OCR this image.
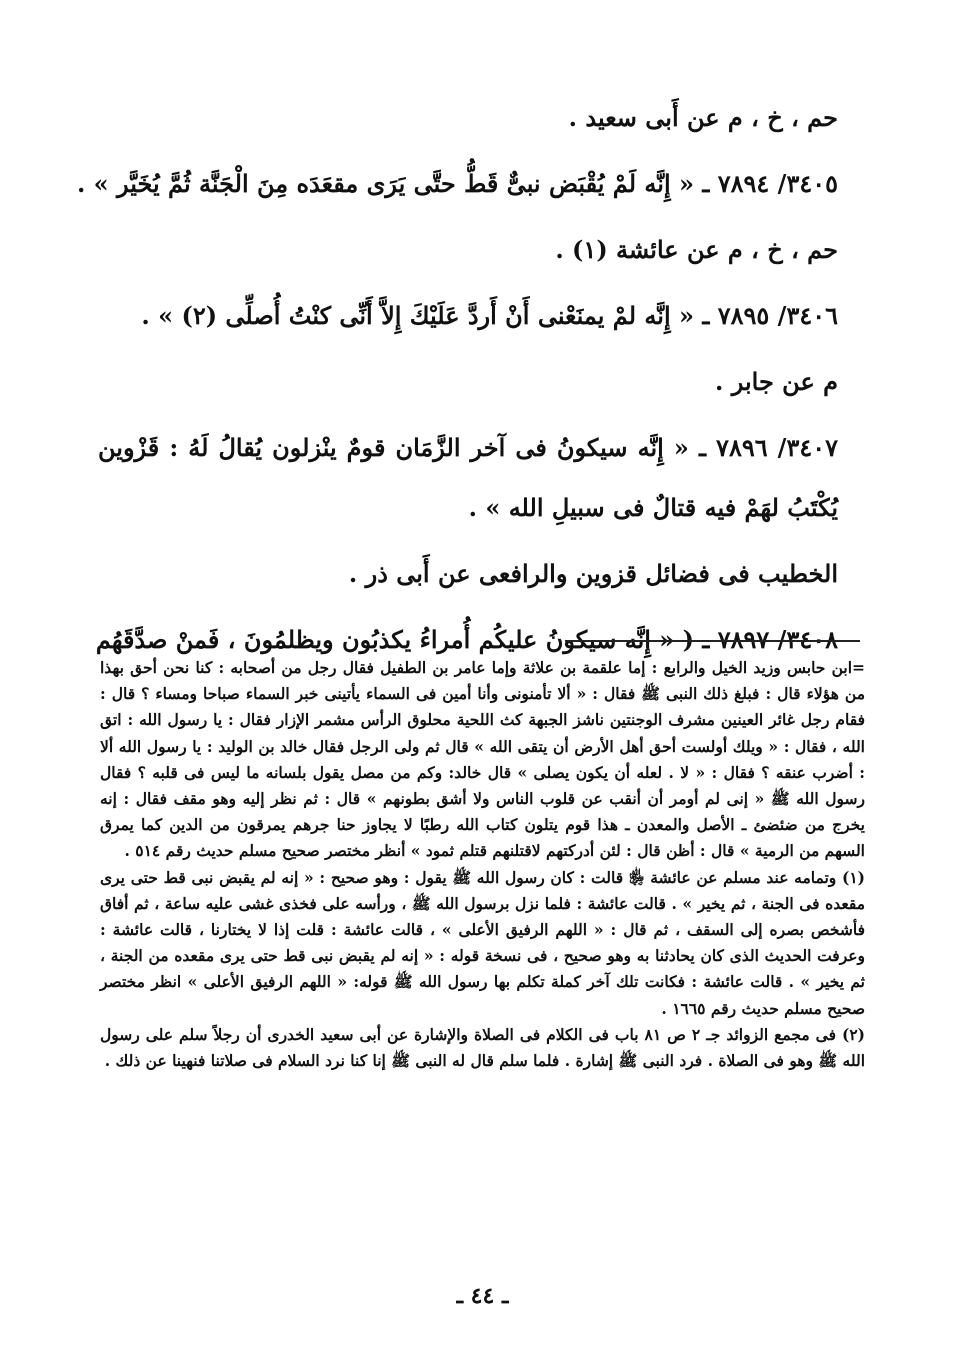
حم ، خ ، م عن أَبى سعيد .
٣٤٠٥/ ٧٨٩٤ ـ « إِنَّه لَمْ يُقْبَض نبىٌّ قَطُّ حتَّى يَرَى مقعَدَه مِنَ الْجَنَّة ثُمَّ يُخَيَّر » .
حم ، خ ، م عن عائشة (١) .
٣٤٠٦/ ٧٨٩٥ ـ « إِنَّه لمْ يمنَعْنى أَنْ أَردَّ عَلَيْكَ إِلاَّ أَنِّى كنْتُ أُصلِّى (٢) » .
م عن جابر .
٣٤٠٧/ ٧٨٩٦ ـ « إِنَّه سيكونُ فى آخر الزَّمَان قومٌ ينْزلون يُقالُ لَهُ : قَزْوين يُكْتَبُ لهَمْ فيه قتالٌ فى سبيلِ الله » .
الخطيب فى فضائل قزوين والرافعى عن أَبى ذر .
٣٤٠٨/ ٧٨٩٧ ـ ( « إِنَّه سيكونُ عليكُم أُمراءُ يكذبُون ويظلمُونَ ، فَمنْ صدَّقَهُم

=ابن حابس وزيد الخيل والرابع : إما علقمة بن علاثة وإما عامر بن الطفيل فقال رجل من أصحابه : كنا نحن أحق بهذا من هؤلاء قال : فبلغ ذلك النبى ﷺ فقال : « ألا تأمنونى وأنا أمين فى السماء يأتينى خبر السماء صباحا ومساء ؟ قال : فقام رجل غائر العينين مشرف الوجنتين ناشز الجبهة كث اللحية محلوق الرأس مشمر الإزار فقال : يا رسول الله : اتق الله ، فقال : « ويلك أولست أحق أهل الأرض أن يتقى الله » قال ثم ولى الرجل فقال خالد بن الوليد : يا رسول الله ألا : أضرب عنقه ؟ فقال : « لا . لعله أن يكون يصلى » قال خالد: وكم من مصل يقول بلسانه ما ليس فى قلبه ؟ فقال رسول الله ﷺ « إنى لم أومر أن أنقب عن قلوب الناس ولا أشق بطونهم » قال : ثم نظر إليه وهو مقف فقال : إنه يخرج من ضئضئ ـ الأصل والمعدن ـ هذا قوم يتلون كتاب الله رطبًا لا يجاوز حنا جرهم يمرقون من الدين كما يمرق السهم من الرمية » قال : أظن قال : لئن أدركتهم لاقتلنهم قتلم ثمود » أنظر مختصر صحيح مسلم حديث رقم ٥١٤ .

(١) وتمامه عند مسلم عن عائشة ﵂ قالت : كان رسول الله ﷺ يقول : وهو صحيح : « إنه لم يقبض نبى قط حتى يرى مقعده فى الجنة ، ثم يخير » . قالت عائشة : فلما نزل برسول الله ﷺ ، ورأسه على فخذى غشى عليه ساعة ، ثم أفاق فأشخص بصره إلى السقف ، ثم قال : « اللهم الرفيق الأعلى » ، قالت عائشة : قلت إذا لا يختارنا ، قالت عائشة : وعرفت الحديث الذى كان يحادثنا به وهو صحيح ، فى نسخة قوله : « إنه لم يقبض نبى قط حتى يرى مقعده من الجنة ، ثم يخير » . قالت عائشة : فكانت تلك آخر كملة تكلم بها رسول الله ﷺ قوله: « اللهم الرفيق الأعلى » انظر مختصر صحيح مسلم حديث رقم ١٦٦٥ .

(٢) فى مجمع الزوائد جـ ٢ ص ٨١ باب فى الكلام فى الصلاة والإشارة عن أبى سعيد الخدرى أن رجلاً سلم على رسول الله ﷺ وهو فى الصلاة . فرد النبى ﷺ إشارة . فلما سلم قال له النبى ﷺ إنا كنا نرد السلام فى صلاتنا فنهينا عن ذلك .

ـ ٤٤ ـ
